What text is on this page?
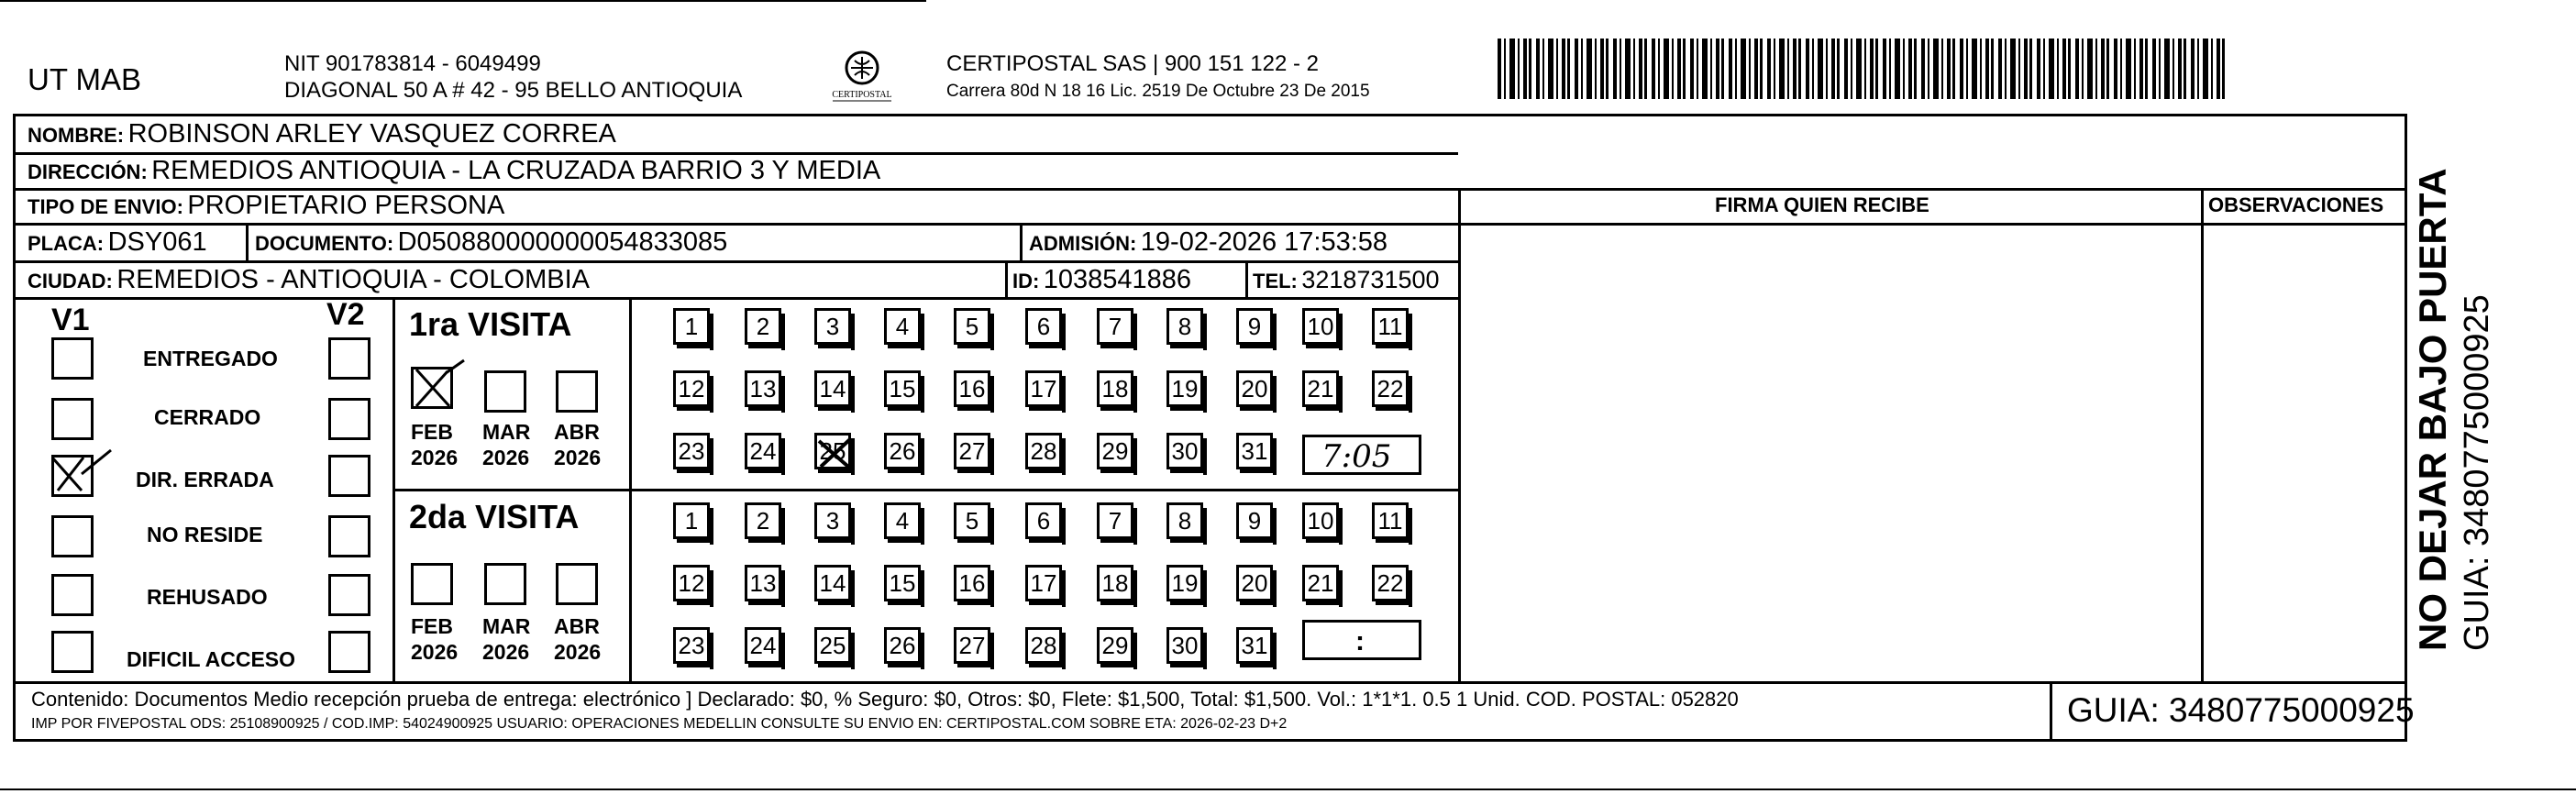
UT MAB	NIT 901783814 - 6049499
DIAGONAL 50 A # 42 - 95 BELLO ANTIOQUIA	CERTIPOSTAL
CERTIPOSTAL SAS | 900 151 122 - 2
Carrera 80d N 18 16 Lic. 2519 De Octubre 23 De 2015
NOMBRE: ROBINSON ARLEY VASQUEZ CORREA
DIRECCIÓN: REMEDIOS ANTIOQUIA - LA CRUZADA BARRIO 3 Y MEDIA
TIPO DE ENVIO: PROPIETARIO PERSONA	FIRMA QUIEN RECIBE	OBSERVACIONES
PLACA: DSY061 DOCUMENTO: D050880000000054833085	ADMISIÓN: 19-02-2026 17:53:58
CIUDAD: REMEDIOS - ANTIOQUIA - COLOMBIA	ID: 1038541886	TEL: 3218731500
V1	V2
ENTREGADO
CERRADO
DIR. ERRADA
NO RESIDE
REHUSADO
DIFICIL ACCESO
1ra VISITA
FEB
2026
MAR
2026
ABR
2026
1 2 3 4 5 6 7 8 9 10 11
12 13 14 15 16 17 18 19 20 21 22
23 24 25 26 27 28 29 30 31 7:05
2da VISITA
FEB
2026
MAR
2026
ABR
2026
1 2 3 4 5 6 7 8 9 10 11
12 13 14 15 16 17 18 19 20 21 22
23 24 25 26 27 28 29 30 31	:
Contenido: Documentos Medio recepción prueba de entrega: electrónico ] Declarado: $0, % Seguro: $0, Otros: $0, Flete: $1,500, Total: $1,500. Vol.: 1*1*1. 0.5 1 Unid. COD. POSTAL: 052820
IMP POR FIVEPOSTAL ODS: 25108900925 / COD.IMP: 54024900925 USUARIO: OPERACIONES MEDELLIN CONSULTE SU ENVIO EN: CERTIPOSTAL.COM SOBRE ETA: 2026-02-23 D+2	GUIA: 3480775000925
NO DEJAR BAJO PUERTA GUIA: 3480775000925
